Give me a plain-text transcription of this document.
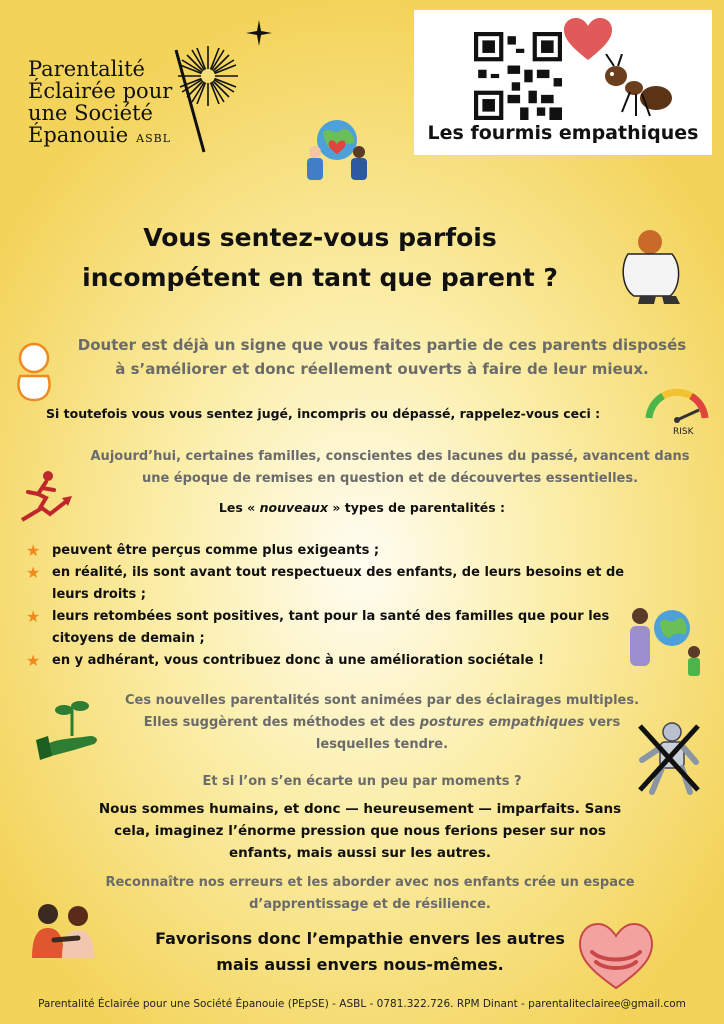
Parentalité
Éclairée pour
une Société
Épanouie ASBL	Les fourmis empathiques
Vous sentez-vous parfois
incompétent en tant que parent ?
Douter est déjà un signe que vous faites partie de ces parents disposés
à s’améliorer et donc réellement ouverts à faire de leur mieux.
Si toutefois vous vous sentez jugé, incompris ou dépassé, rappelez-vous ceci :
RISK
Aujourd’hui, certaines familles, conscientes des lacunes du passé, avancent dans
une époque de remises en question et de découvertes essentielles.
Les « nouveaux » types de parentalités :
★ peuvent être perçus comme plus exigeants ;
★ en réalité, ils sont avant tout respectueux des enfants, de leurs besoins et de leurs droits ;
★ leurs retombées sont positives, tant pour la santé des familles que pour les citoyens de demain ;
★ en y adhérant, vous contribuez donc à une amélioration sociétale !
Ces nouvelles parentalités sont animées par des éclairages multiples.
Elles suggèrent des méthodes et des postures empathiques vers
lesquelles tendre.
Et si l’on s’en écarte un peu par moments ?
Nous sommes humains, et donc — heureusement — imparfaits. Sans
cela, imaginez l’énorme pression que nous ferions peser sur nos
enfants, mais aussi sur les autres.
Reconnaître nos erreurs et les aborder avec nos enfants crée un espace
d’apprentissage et de résilience.
Favorisons donc l’empathie envers les autres
mais aussi envers nous-mêmes.
Parentalité Éclairée pour une Société Épanouie (PEpSE) - ASBL - 0781.322.726. RPM Dinant - parentaliteclairee@gmail.com
